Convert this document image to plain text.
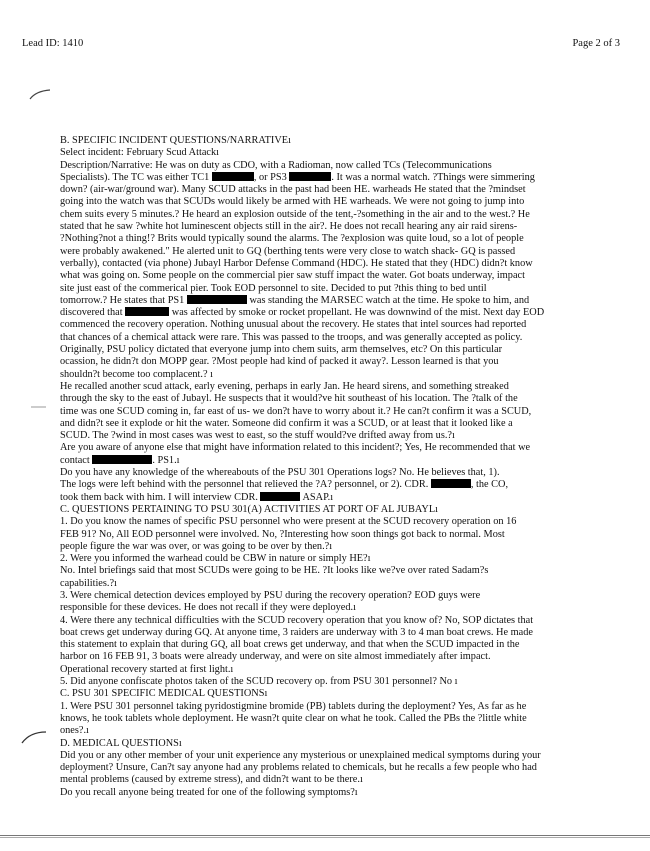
Lead ID: 1410	Page 2 of 3
B. SPECIFIC INCIDENT QUESTIONS/NARRATIVEı
Select incident: February Scud Attackı
Description/Narrative: He was on duty as CDO, with a Radioman, now called TCs (Telecommunications
Specialists). The TC was either TC1	, or PS3	. It was a normal watch. ?Things were simmering
down? (air-war/ground war). Many SCUD attacks in the past had been HE. warheads He stated that the ?mindset
going into the watch was that SCUDs would likely be armed with HE warheads. We were not going to jump into
chem suits every 5 minutes.? He heard an explosion outside of the tent,-?something in the air and to the west.? He
stated that he saw ?white hot luminescent objects still in the air?. He does not recall hearing any air raid sirens-
?Nothing?not a thing!? Brits would typically sound the alarms. The ?explosion was quite loud, so a lot of people
were probably awakened." He alerted unit to GQ (berthing tents were very close to watch shack- GQ is passed
verbally), contacted (via phone) Jubayl Harbor Defense Command (HDC). He stated that they (HDC) didn?t know
what was going on. Some people on the commercial pier saw stuff impact the water. Got boats underway, impact
site just east of the commerical pier. Took EOD personnel to site. Decided to put ?this thing to bed until
tomorrow.? He states that PS1	was standing the MARSEC watch at the time. He spoke to him, and
discovered that	was affected by smoke or rocket propellant. He was downwind of the mist. Next day EOD
commenced the recovery operation. Nothing unusual about the recovery. He states that intel sources had reported
that chances of a chemical attack were rare. This was passed to the troops, and was generally accepted as policy.
Originally, PSU policy dictated that everyone jump into chem suits, arm themselves, etc? On this particular
ocassion, he didn?t don MOPP gear. ?Most people had kind of packed it away?. Lesson learned is that you
shouldn?t become too complacent.? ı
He recalled another scud attack, early evening, perhaps in early Jan. He heard sirens, and something streaked
through the sky to the east of Jubayl. He suspects that it would?ve hit southeast of his location. The ?talk of the
time was one SCUD coming in, far east of us- we don?t have to worry about it.? He can?t confirm it was a SCUD,
and didn?t see it explode or hit the water. Someone did confirm it was a SCUD, or at least that it looked like a
SCUD. The ?wind in most cases was west to east, so the stuff would?ve drifted away from us.?ı
Are you aware of anyone else that might have information related to this incident?; Yes, He recommended that we
contact	. PS1.ı
Do you have any knowledge of the whereabouts of the PSU 301 Operations logs? No. He believes that, 1).
The logs were left behind with the personnel that relieved the ?A? personnel, or 2). CDR.	, the CO,
took them back with him. I will interview CDR.	ASAP.ı
C. QUESTIONS PERTAINING TO PSU 301(A) ACTIVITIES AT PORT OF AL JUBAYLı
1. Do you know the names of specific PSU personnel who were present at the SCUD recovery operation on 16
FEB 91? No, All EOD personnel were involved. No, ?Interesting how soon things got back to normal. Most
people figure the war was over, or was going to be over by then.?ı
2. Were you informed the warhead could be CBW in nature or simply HE?ı
No. Intel briefings said that most SCUDs were going to be HE. ?It looks like we?ve over rated Sadam?s
capabilities.?ı
3. Were chemical detection devices employed by PSU during the recovery operation? EOD guys were
responsible for these devices. He does not recall if they were deployed.ı
4. Were there any technical difficulties with the SCUD recovery operation that you know of? No, SOP dictates that
boat crews get underway during GQ. At anyone time, 3 raiders are underway with 3 to 4 man boat crews. He made
this statement to explain that during GQ, all boat crews get underway, and that when the SCUD impacted in the
harbor on 16 FEB 91, 3 boats were already underway, and were on site almost immediately after impact.
Operational recovery started at first light.ı
5. Did anyone confiscate photos taken of the SCUD recovery op. from PSU 301 personnel? No ı
C. PSU 301 SPECIFIC MEDICAL QUESTIONSı
1. Were PSU 301 personnel taking pyridostigmine bromide (PB) tablets during the deployment? Yes, As far as he
knows, he took tablets whole deployment. He wasn?t quite clear on what he took. Called the PBs the ?little white
ones?.ı
D. MEDICAL QUESTIONSı
Did you or any other member of your unit experience any mysterious or unexplained medical symptoms during your
deployment? Unsure, Can?t say anyone had any problems related to chemicals, but he recalls a few people who had
mental problems (caused by extreme stress), and didn?t want to be there.ı
Do you recall anyone being treated for one of the following symptoms?ı
